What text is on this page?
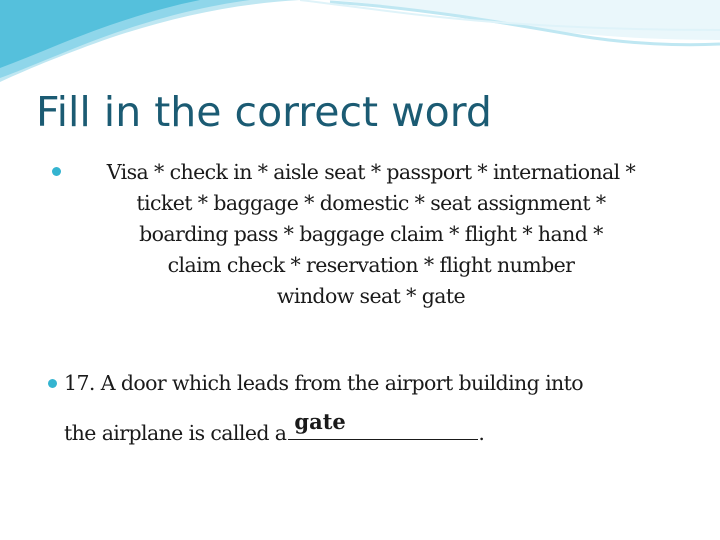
Fill in the correct word

Visa * check in * aisle seat * passport * international *
ticket * baggage * domestic * seat assignment *
boarding pass * baggage claim * flight * hand *
claim check * reservation * flight number
window seat * gate

17. A door which leads from the airport building into

the airplane is called a gate	.
